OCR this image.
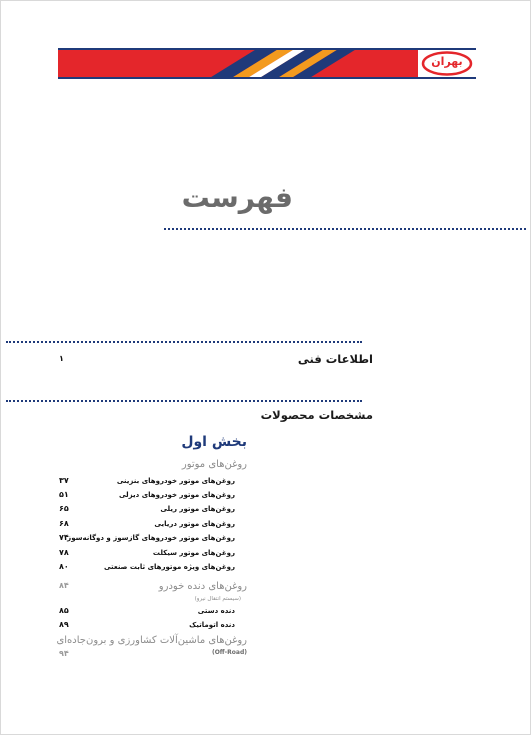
بهران
فهرست
اطلاعات فنی
۱
مشخصات محصولات
بخش اول
روغن‌های موتور
روغن‌های موتور خودروهای بنزینی
۳۷
روغن‌های موتور خودروهای دیزلی
۵۱
روغن‌های موتور ریلی
۶۵
روغن‌های موتور دریایی
۶۸
روغن‌های موتور خودروهای گازسوز و دوگانه‌سوز
۷۴
روغن‌های موتور سیکلت
۷۸
روغن‌های ویژه موتورهای ثابت صنعتی
۸۰
روغن‌های دنده خودرو
۸۴
(سیستم انتقال نیرو)
دنده دستی
۸۵
دنده اتوماتیک
۸۹
روغن‌های ماشین‌آلات کشاورزی و برون‌جاده‌ای
(Off-Road)
۹۴
